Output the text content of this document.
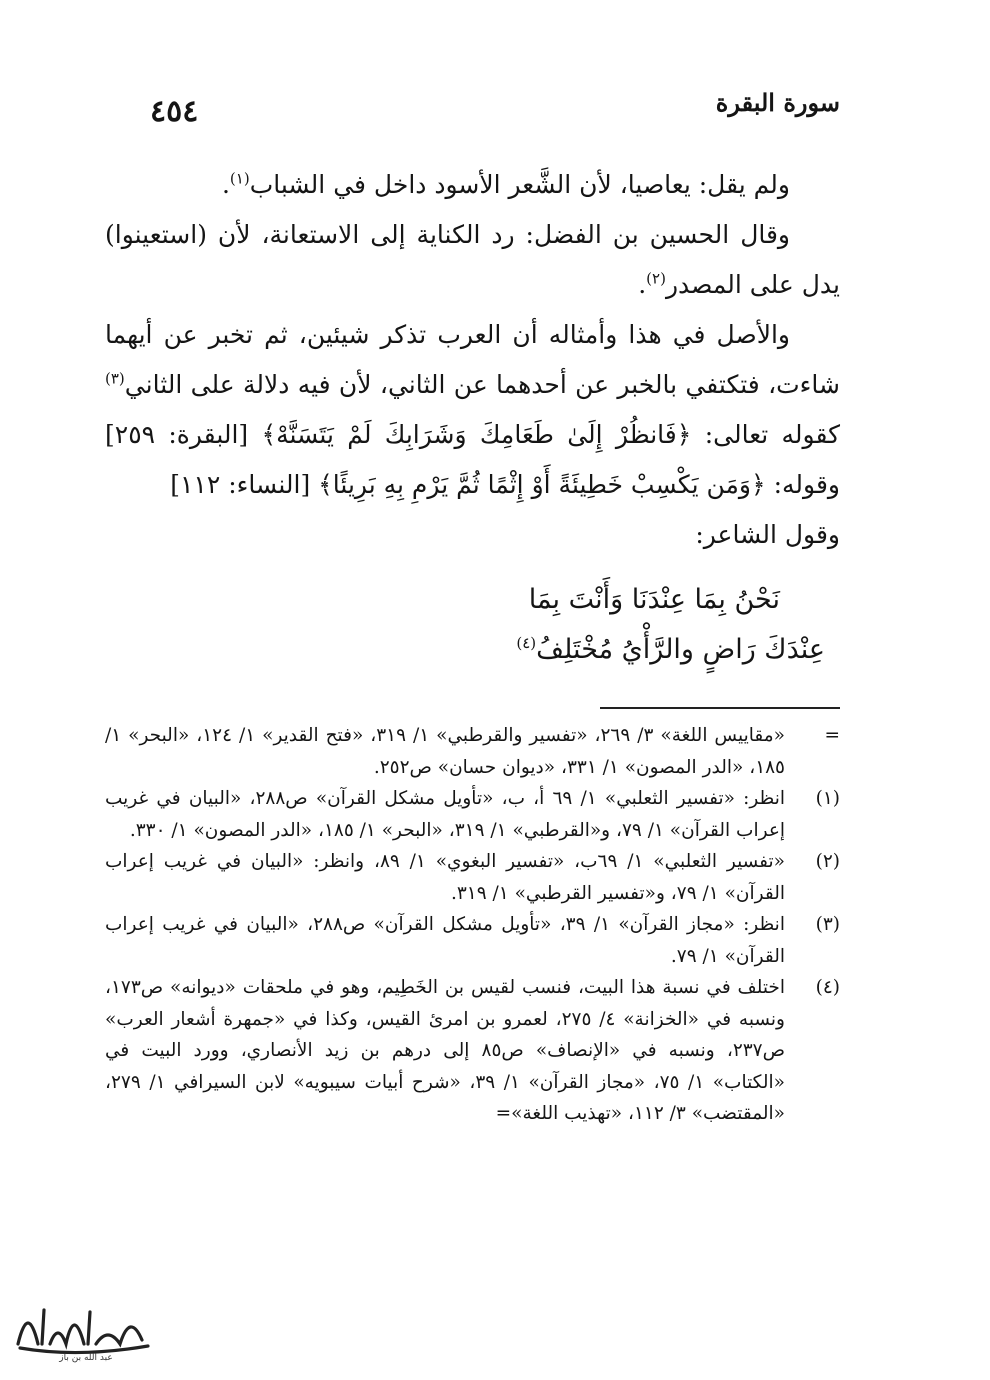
سورة البقرة
٤٥٤

ولم يقل: يعاصيا، لأن الشَّعر الأسود داخل في الشباب$^{(١)}$.

وقال الحسين بن الفضل: رد الكناية إلى الاستعانة، لأن (استعينوا) يدل على المصدر$^{(٢)}$.

والأصل في هذا وأمثاله أن العرب تذكر شيئين، ثم تخبر عن أيهما شاءت، فتكتفي بالخبر عن أحدهما عن الثاني، لأن فيه دلالة على الثاني$^{(٣)}$ كقوله تعالى: ﴿فَانظُرْ إِلَىٰ طَعَامِكَ وَشَرَابِكَ لَمْ يَتَسَنَّهْ﴾ [البقرة: ٢٥٩] وقوله: ﴿وَمَن يَكْسِبْ خَطِيئَةً أَوْ إِثْمًا ثُمَّ يَرْمِ بِهِ بَرِيئًا﴾ [النساء: ١١٢]

وقول الشاعر:

نَحْنُ بِمَا عِنْدَنَا وَأَنْتَ بِمَا

عِنْدَكَ رَاضٍ والرَّأْيُ مُخْتَلِفُ$^{(٤)}$

=
«مقاييس اللغة» ٣/ ٢٦٩، «تفسير والقرطبي» ١/ ٣١٩، «فتح القدير» ١/ ١٢٤، «البحر» ١/ ١٨٥، «الدر المصون» ١/ ٣٣١، «ديوان حسان» ص٢٥٢.
(١)
انظر: «تفسير الثعلبي» ١/ ٦٩ أ، ب، «تأويل مشكل القرآن» ص٢٨٨، «البيان في غريب إعراب القرآن» ١/ ٧٩، و«القرطبي» ١/ ٣١٩، «البحر» ١/ ١٨٥، «الدر المصون» ١/ ٣٣٠.
(٢)
«تفسير الثعلبي» ١/ ٦٩ب، «تفسير البغوي» ١/ ٨٩، وانظر: «البيان في غريب إعراب القرآن» ١/ ٧٩، و«تفسير القرطبي» ١/ ٣١٩.
(٣)
انظر: «مجاز القرآن» ١/ ٣٩، «تأويل مشكل القرآن» ص٢٨٨، «البيان في غريب إعراب القرآن» ١/ ٧٩.
(٤)
اختلف في نسبة هذا البيت، فنسب لقيس بن الخَطِيم، وهو في ملحقات «ديوانه» ص١٧٣، ونسبه في «الخزانة» ٤/ ٢٧٥، لعمرو بن امرئ القيس، وكذا في «جمهرة أشعار العرب» ص٢٣٧، ونسبه في «الإنصاف» ص٨٥ إلى درهم بن زيد الأنصاري، وورد البيت في «الكتاب» ١/ ٧٥، «مجاز القرآن» ١/ ٣٩، «شرح أبيات سيبويه» لابن السيرافي ١/ ٢٧٩، «المقتضب» ٣/ ١١٢، «تهذيب اللغة»=
المسلم
عبد الله بن باز
